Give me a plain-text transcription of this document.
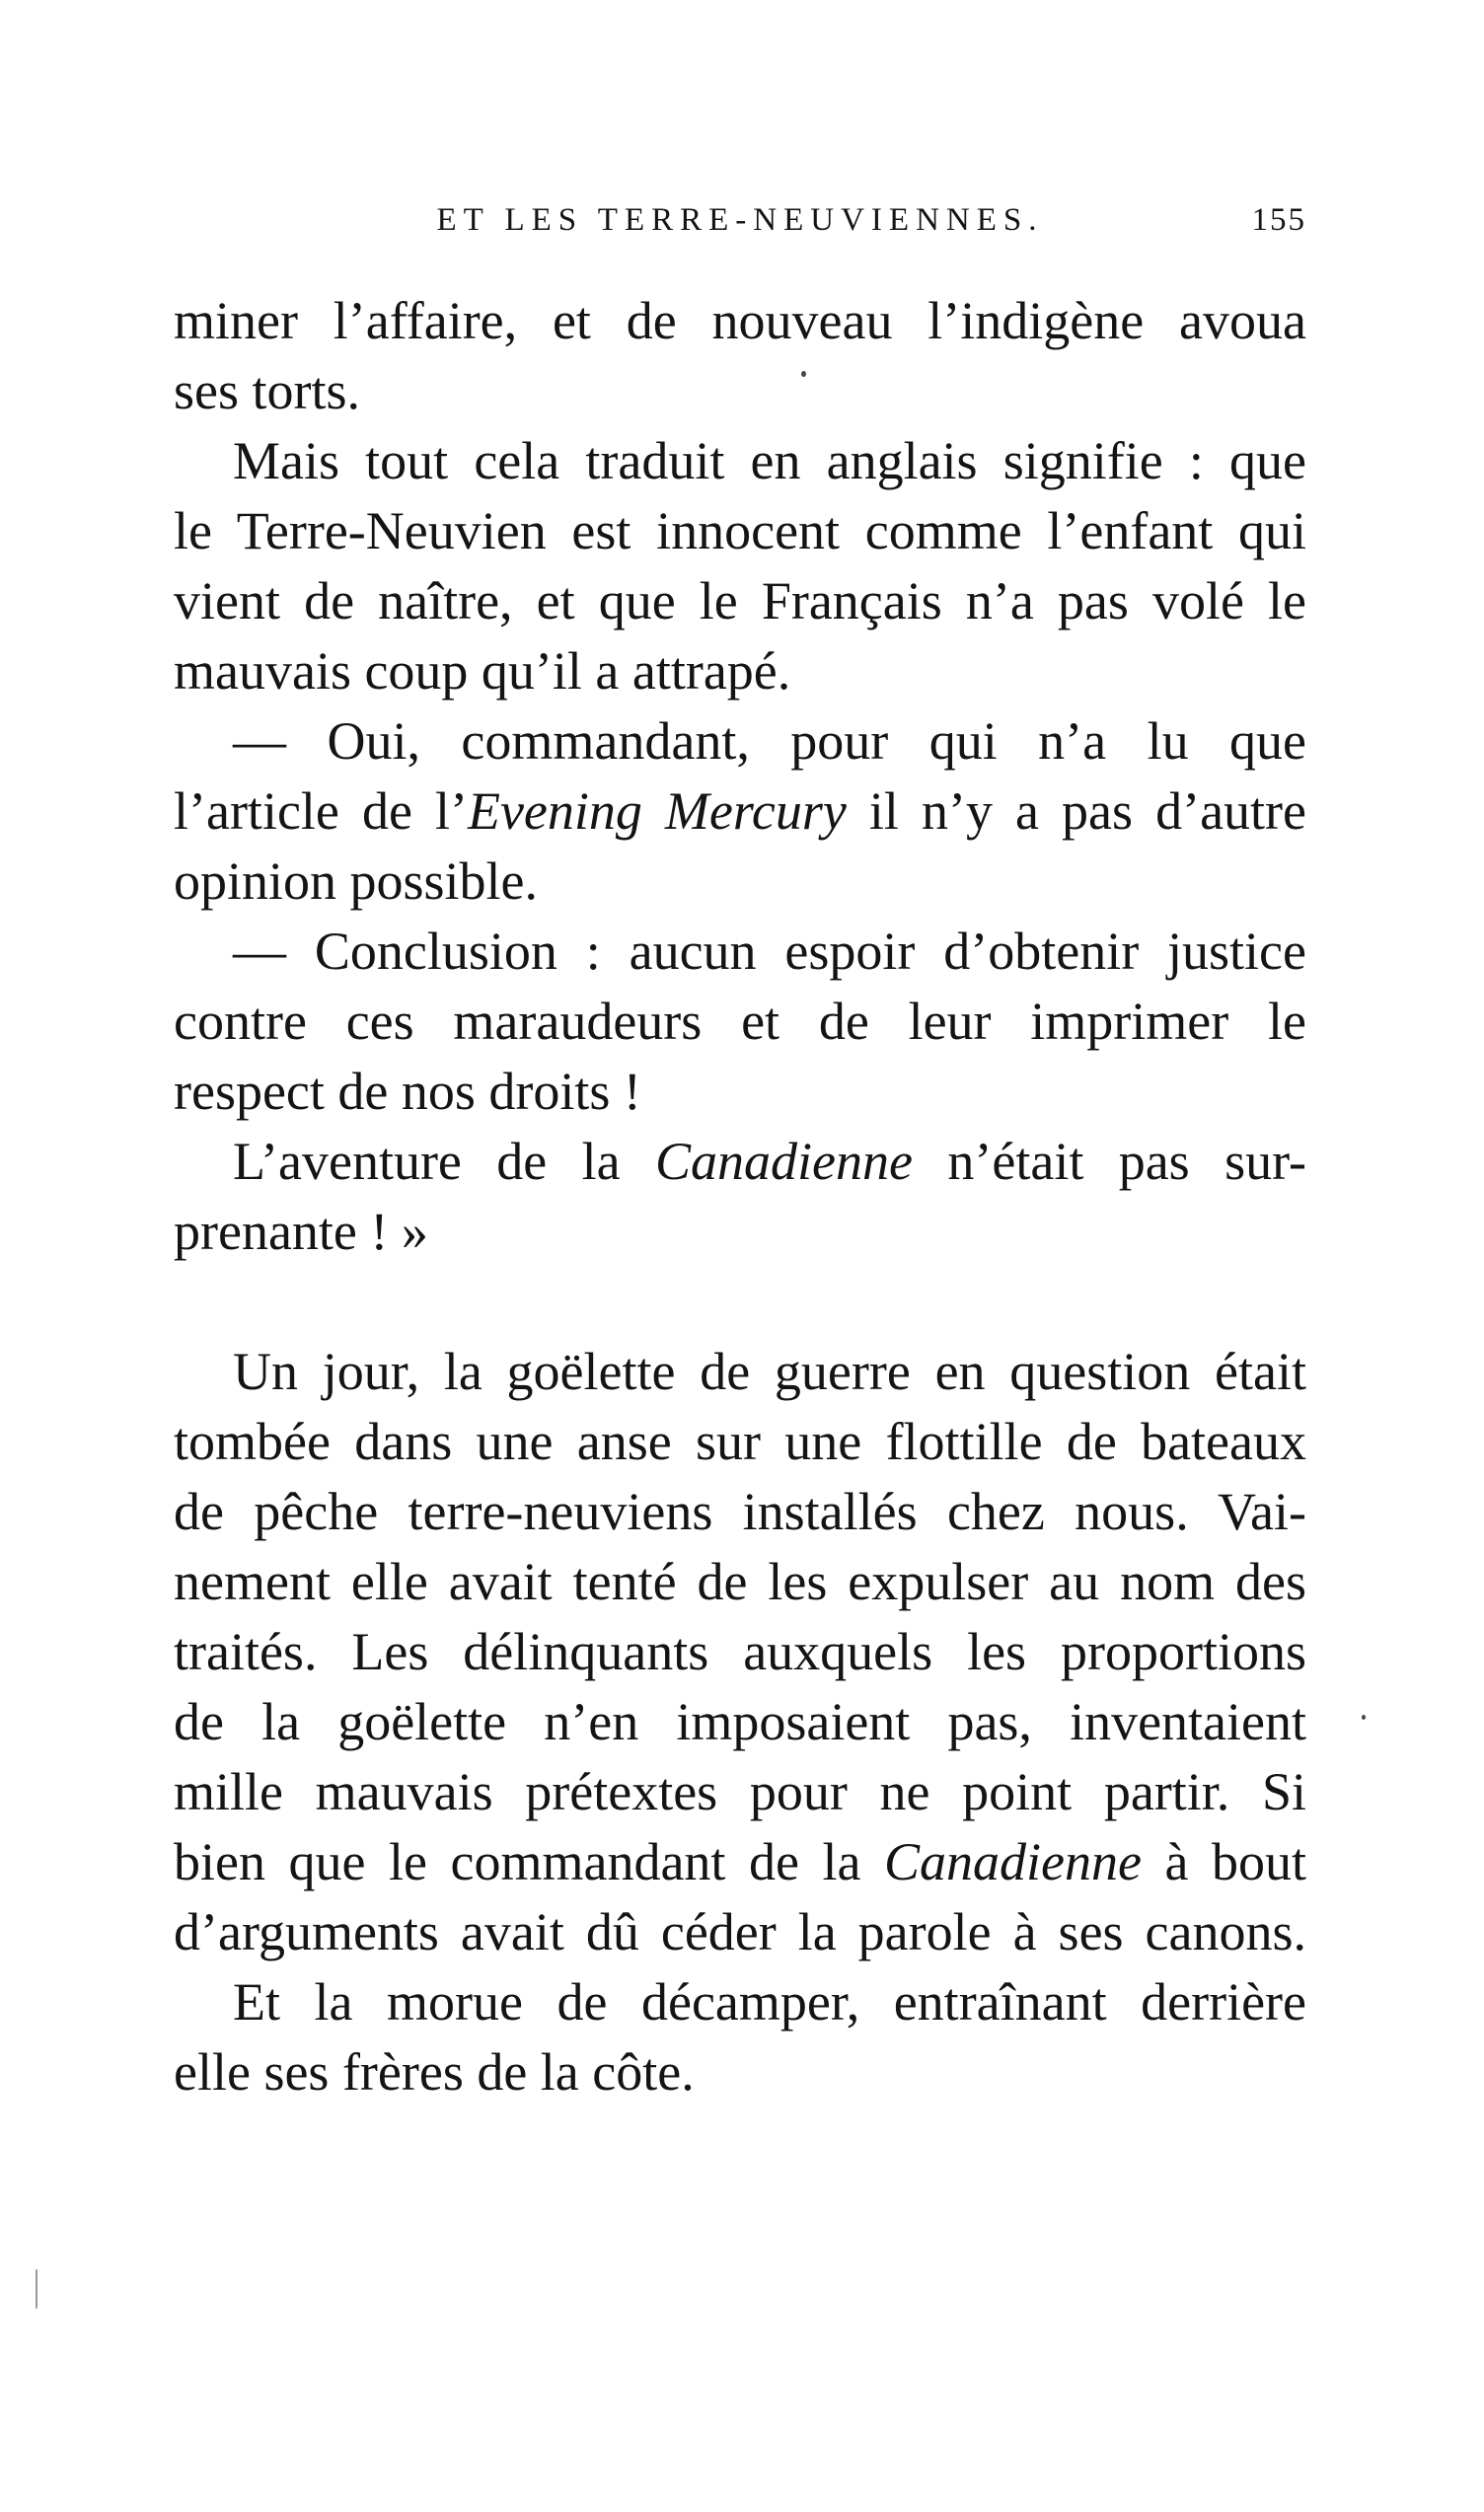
ET LES TERRE-NEUVIENNES.	155
miner l’affaire, et de nouveau l’indigène avoua
ses torts.
Mais tout cela traduit en anglais signifie : que
le Terre-Neuvien est innocent comme l’enfant qui
vient de naître, et que le Français n’a pas volé le
mauvais coup qu’il a attrapé.
— Oui, commandant, pour qui n’a lu que
l’article de l’Evening Mercury il n’y a pas d’autre
opinion possible.
— Conclusion : aucun espoir d’obtenir justice
contre ces maraudeurs et de leur imprimer le
respect de nos droits !
L’aventure de la Canadienne n’était pas sur-
prenante ! »
Un jour, la goëlette de guerre en question était
tombée dans une anse sur une flottille de bateaux
de pêche terre-neuviens installés chez nous. Vai-
nement elle avait tenté de les expulser au nom des
traités. Les délinquants auxquels les proportions
de la goëlette n’en imposaient pas, inventaient
mille mauvais prétextes pour ne point partir. Si
bien que le commandant de la Canadienne à bout
d’arguments avait dû céder la parole à ses canons.
Et la morue de décamper, entraînant derrière
elle ses frères de la côte.
